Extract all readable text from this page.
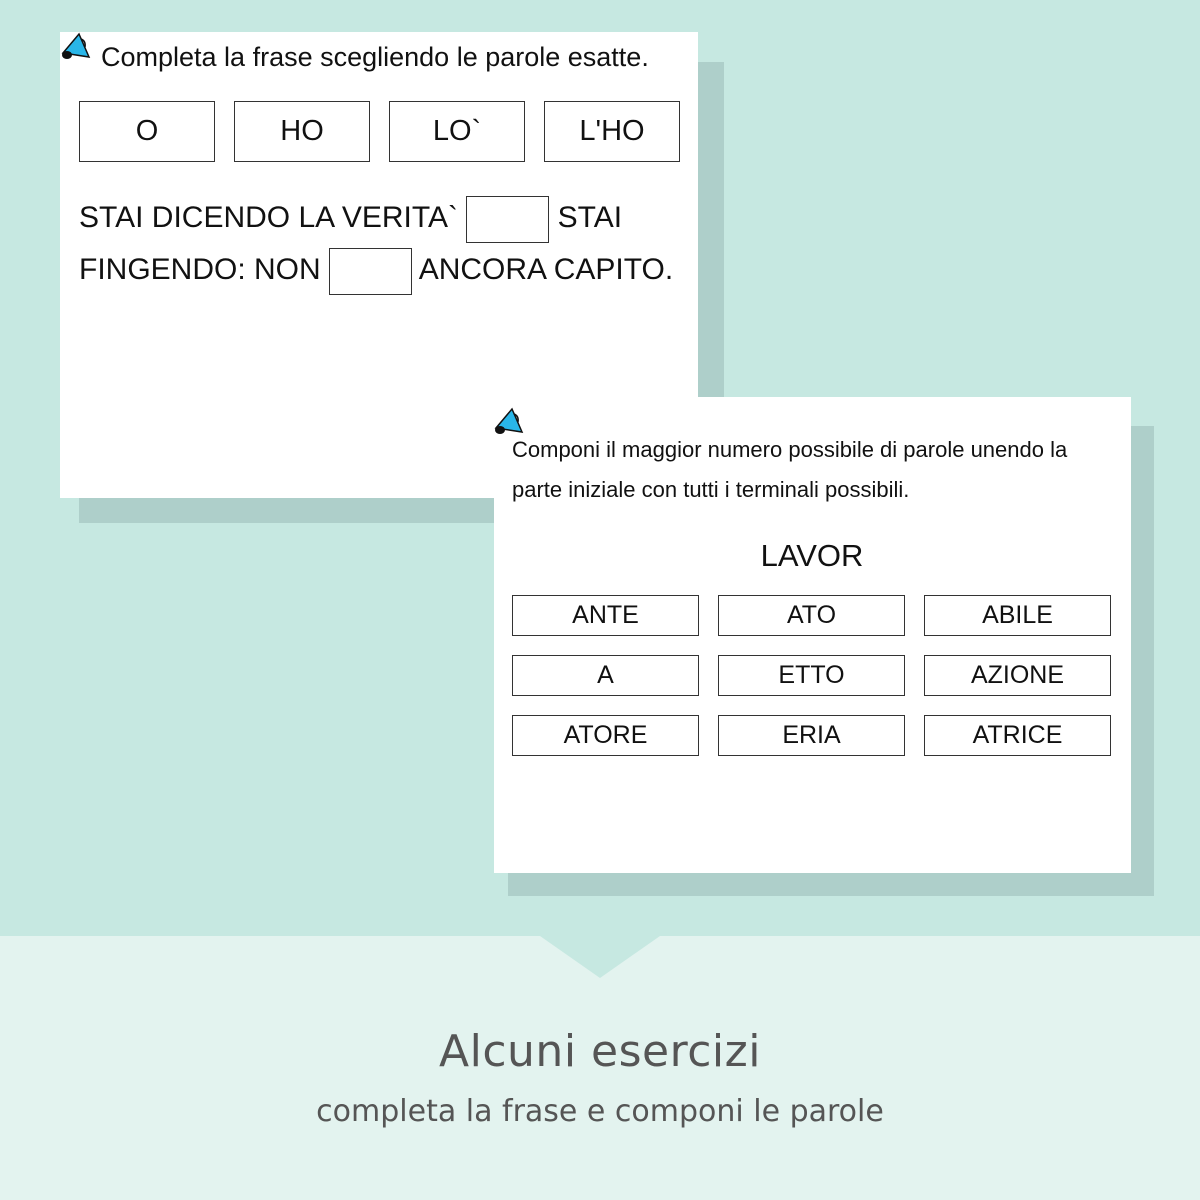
Completa la frase scegliendo le parole esatte.
O	HO	LO`	L'HO
STAI DICENDO LA VERITA`	STAI FINGENDO: NON	ANCORA CAPITO.
Componi il maggior numero possibile di parole unendo la parte iniziale con tutti i terminali possibili.
LAVOR
ANTE	ATO	ABILE
A	ETTO	AZIONE
ATORE	ERIA	ATRICE
Alcuni esercizi
completa la frase e componi le parole
